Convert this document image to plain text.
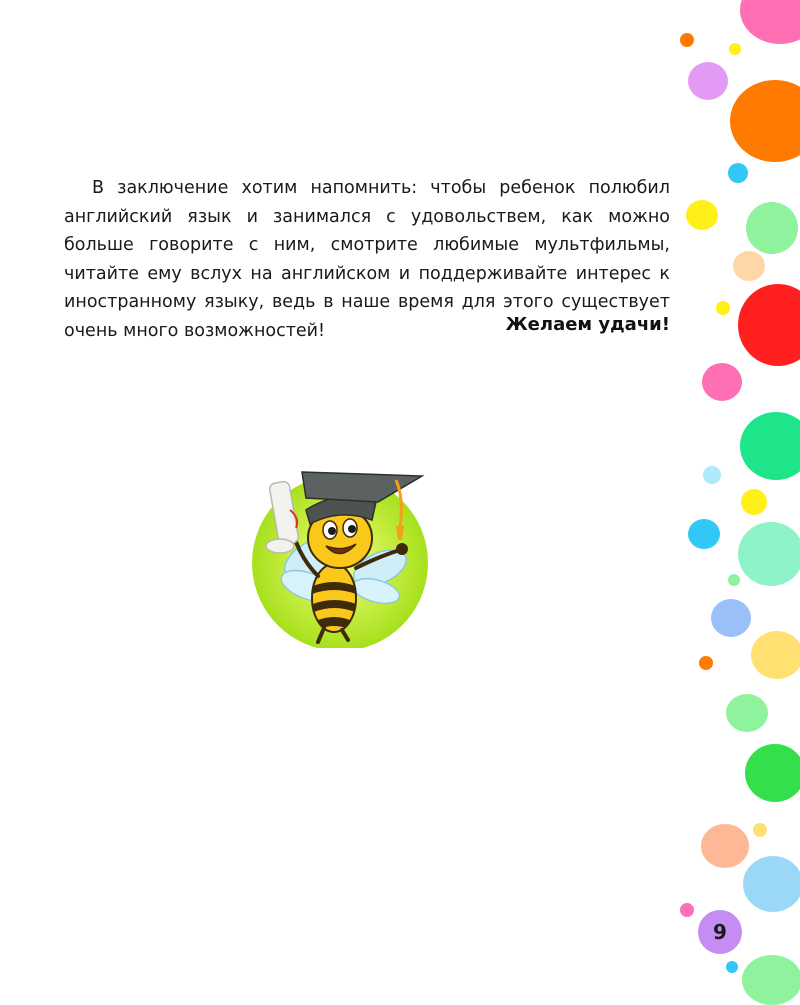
В заключение хотим напомнить: чтобы ребенок полюбил английский язык и занимался с удовольствем, как можно больше говорите с ним, смотрите любимые мультфильмы, читайте ему вслух на английском и поддерживайте интерес к иностранному языку, ведь в наше время для этого существует очень много возможностей!	Желаем удачи!
9
